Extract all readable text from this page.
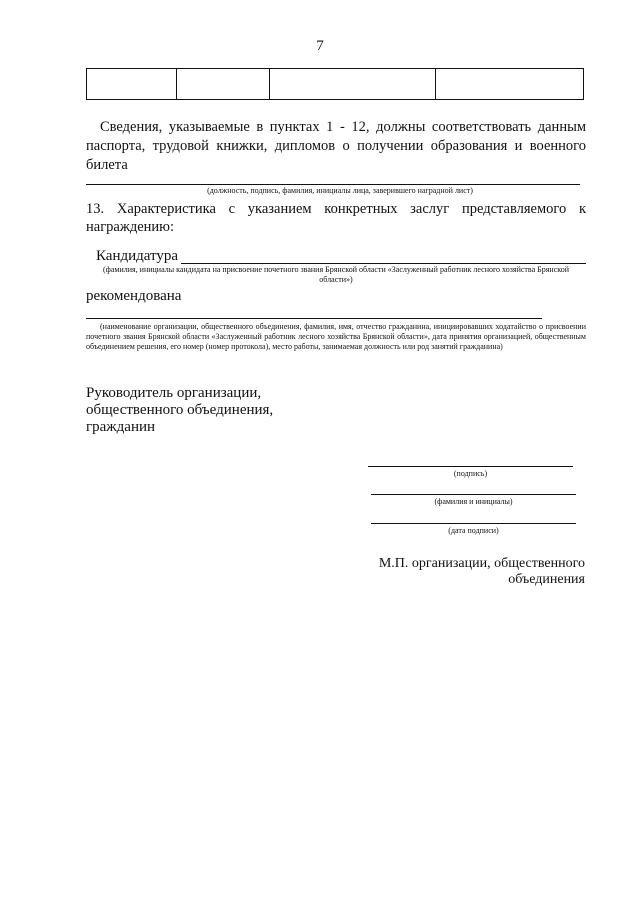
7

Сведения, указываемые в пунктах 1 - 12, должны соответствовать данным паспорта, трудовой книжки, дипломов о получении образования и военного билета
(должность, подпись, фамилия, инициалы лица, заверившего наградной лист)
13. Характеристика с указанием конкретных заслуг представляемого к награждению:
Кандидатура
(фамилия, инициалы кандидата на присвоение почетного звания Брянской области «Заслуженный работник лесного хозяйства Брянской области»)
рекомендована
(наименование организации, общественного объединения, фамилия, имя, отчество гражданина, инициировавших ходатайство о присвоении почетного звания Брянской области «Заслуженный работник лесного хозяйства Брянской области», дата принятия организацией, общественным объединением решения, его номер (номер протокола), место работы, занимаемая должность или род занятий гражданина)
Руководитель организации,
общественного объединения,
гражданин
(подпись)
(фамилия и инициалы)
(дата подписи)
М.П. организации, общественного объединения
